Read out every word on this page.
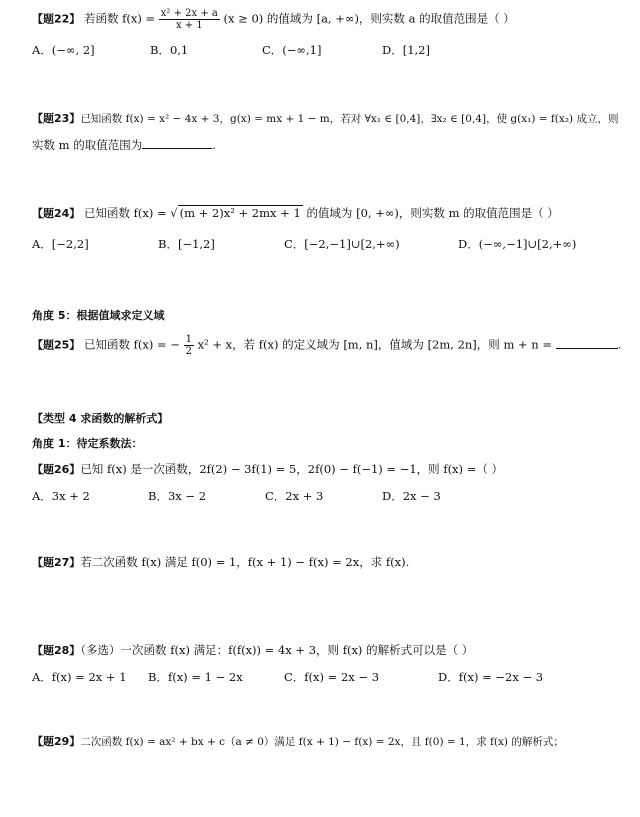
【题22】 若函数 $f(x) = \frac{\text{x² + 2x + a}}{x + 1} (x \ge 0)$ 的值域为 [a, +∞)，则实数 a 的取值范围是（ ）
A．(−∞, 2]	B．0,1	C．(−∞,1]	D．[1,2]
【题23】已知函数 f(x) = x² − 4x + 3，g(x) = mx + 1 − m，若对 ∀x₁ ∈ [0,4]，∃x₂ ∈ [0,4]，使 g(x₁) = f(x₂) 成立，则
实数 m 的取值范围为	.
【题24】 已知函数 f(x) = √ (m + 2)x² + 2mx + 1 的值域为 [0, +∞)，则实数 m 的取值范围是（ ）
A．[−2,2]	B．[−1,2]	C．[−2,−1]∪[2,+∞)	D．(−∞,−1]∪[2,+∞)
角度 5：根据值域求定义域
【题25】 已知函数 f(x) = − $\frac{1}{2} x^2 + x$，若 f(x) 的定义域为 [m, n]，值域为 [2m, 2n]，则 m + n =	.
【类型 4 求函数的解析式】
角度 1：待定系数法：
【题26】已知 f(x) 是一次函数，2f(2) − 3f(1) = 5，2f(0) − f(−1) = −1，则 f(x) =（ ）
A．3x + 2	B．3x − 2	C．2x + 3	D．2x − 3
【题27】若二次函数 f(x) 满足 f(0) = 1，f(x + 1) − f(x) = 2x，求 f(x).
【题28】（多选）一次函数 f(x) 满足：f(f(x)) = 4x + 3，则 f(x) 的解析式可以是（ ）
A．f(x) = 2x + 1 B．f(x) = 1 − 2x	C．f(x) = 2x − 3	D．f(x) = −2x − 3
【题29】二次函数 f(x) = ax² + bx + c（a ≠ 0）满足 f(x + 1) − f(x) = 2x，且 f(0) = 1，求 f(x) 的解析式；
